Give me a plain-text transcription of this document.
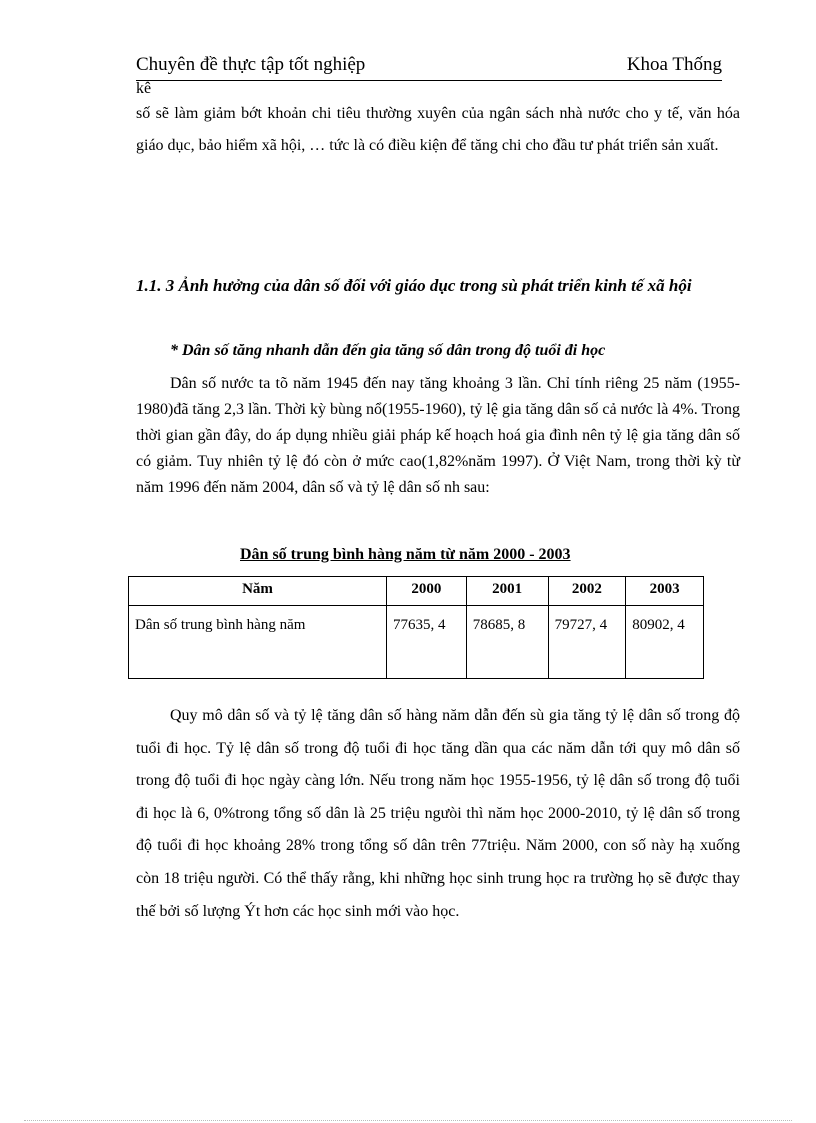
Chuyên đề thực tập tốt nghiệp	Khoa Thống
kê

số sẽ làm giảm bớt khoản chi tiêu thường xuyên của ngân sách nhà nước cho y tế, văn hóa giáo dục, bảo hiểm xã hội, … tức là có điều kiện để tăng chi cho đầu tư phát triển sản xuất.

1.1. 3 Ảnh hưởng của dân số đối với giáo dục trong sù phát triển kinh tế xã hội
* Dân số tăng nhanh dẫn đến gia tăng số dân trong độ tuổi đi học

Dân số nước ta tõ năm 1945 đến nay tăng khoảng 3 lần. Chỉ tính riêng 25 năm (1955-1980)đã tăng 2,3 lần. Thời kỳ bùng nổ(1955-1960), tỷ lệ gia tăng dân số cả nước là 4%. Trong thời gian gần đây, do áp dụng nhiều giải pháp kế hoạch hoá gia đình nên tỷ lệ gia tăng dân số có giảm. Tuy nhiên tỷ lệ đó còn ở mức cao(1,82%năm 1997). Ở Việt Nam, trong thời kỳ từ năm 1996 đến năm 2004, dân số và tỷ lệ dân số nh sau:

Dân số trung bình hàng năm từ năm 2000 - 2003
Năm	2000	2001	2002	2003
Dân số trung bình hàng năm	77635, 4	78685, 8	79727, 4	80902, 4

Quy mô dân số và tỷ lệ tăng dân số hàng năm dẫn đến sù gia tăng tỷ lệ dân số trong độ tuổi đi học. Tỷ lệ dân số trong độ tuổi đi học tăng dần qua các năm dẫn tới quy mô dân số trong độ tuổi đi học ngày càng lớn. Nếu trong năm học 1955-1956, tỷ lệ dân số trong độ tuổi đi học là 6, 0%trong tổng số dân là 25 triệu ngưòi thì năm học 2000-2010, tỷ lệ dân số trong độ tuổi đi học khoảng 28% trong tổng số dân trên 77triệu. Năm 2000, con số này hạ xuống còn 18 triệu người. Có thể thấy rằng, khi những học sinh trung học ra trường họ sẽ được thay thế bởi số lượng Ýt hơn các học sinh mới vào học.
